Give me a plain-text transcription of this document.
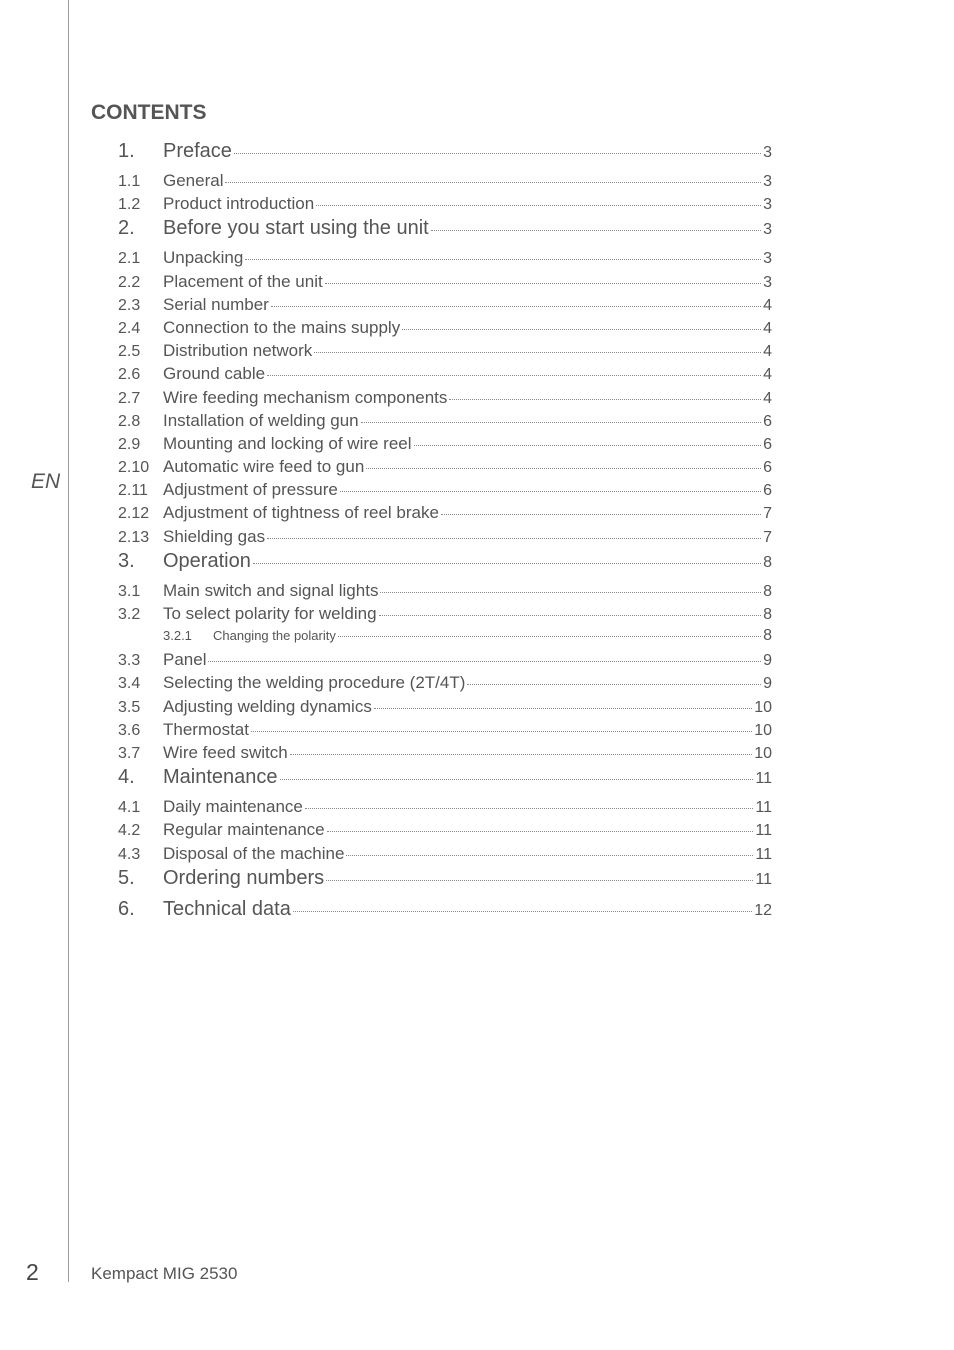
EN
CONTENTS
1.	Preface	3
1.1	General	3
1.2	Product introduction	3
2.	Before you start using the unit	3
2.1	Unpacking	3
2.2	Placement of the unit	3
2.3	Serial number	4
2.4	Connection to the mains supply	4
2.5	Distribution network	4
2.6	Ground cable	4
2.7	Wire feeding mechanism components	4
2.8	Installation of welding gun	6
2.9	Mounting and locking of wire reel	6
2.10 Automatic wire feed to gun	6
2.11 Adjustment of pressure	6
2.12 Adjustment of tightness of reel brake	7
2.13 Shielding gas	7
3.	Operation	8
3.1	Main switch and signal lights	8
3.2	To select polarity for welding	8
3.2.1	Changing the polarity	8
3.3	Panel	9
3.4	Selecting the welding procedure (2T/4T)	9
3.5	Adjusting welding dynamics	10
3.6	Thermostat	10
3.7	Wire feed switch	10
4.	Maintenance	11
4.1	Daily maintenance	11
4.2	Regular maintenance	11
4.3	Disposal of the machine	11
5.	Ordering numbers	11
6.	Technical data	12
2	Kempact MIG 2530
